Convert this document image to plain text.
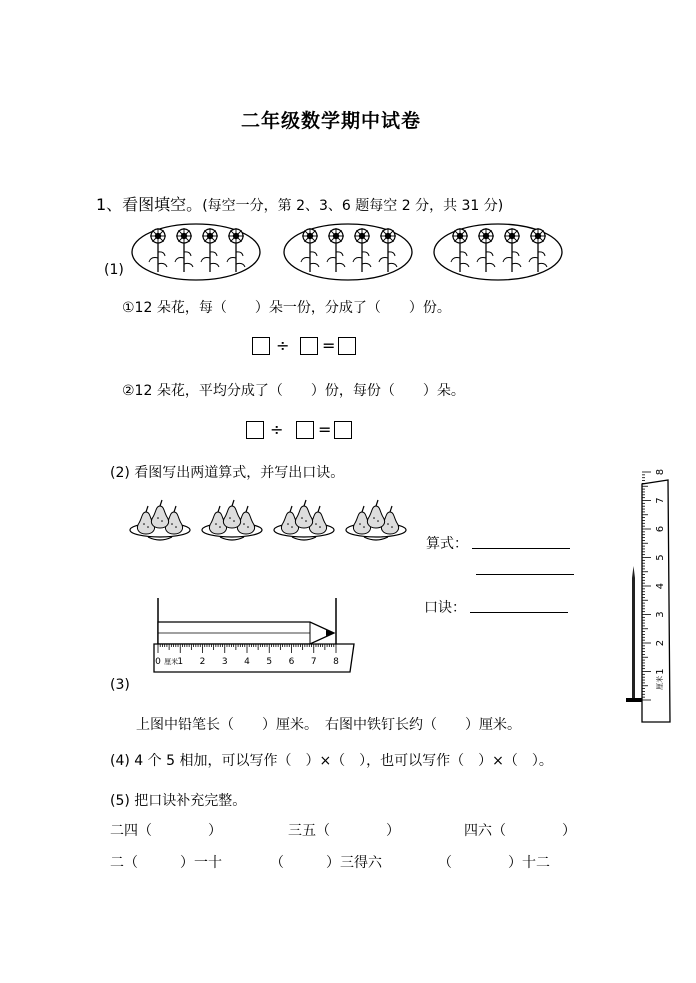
二年级数学期中试卷
1、看图填空。(每空一分，第 2、3、6 题每空 2 分，共 31 分)
(1)
①12 朵花，每（　　）朵一份，分成了（　　）份。
÷ =
②12 朵花，平均分成了（　　）份，每份（　　）朵。
÷ =
(2) 看图写出两道算式，并写出口诀。
算式：
口诀：
0 1 2 3 4 5 6 7 8
厘米
(3)
1
2
3
4
5
6
7
8
厘米
上图中铅笔长（　　）厘米。　右图中铁钉长约（　　）厘米。
(4) 4 个 5 相加，可以写作（　）×（　），也可以写作（　）×（　）。
(5) 把口诀补充完整。
二四（　　　　）	三五（　　　　）	四六（　　　　）
二（　　　）一十	（　　　）三得六	（　　　　）十二
